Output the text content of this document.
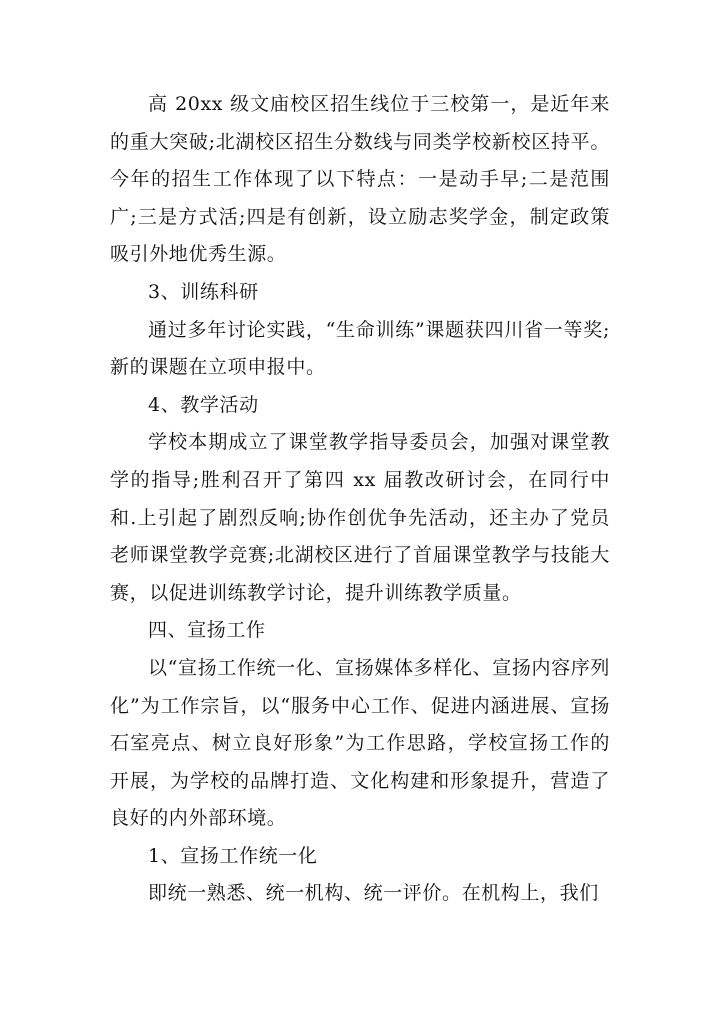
高 20xx 级文庙校区招生线位于三校第一，是近年来的重大突破;北湖校区招生分数线与同类学校新校区持平。今年的招生工作体现了以下特点：一是动手早;二是范围广;三是方式活;四是有创新，设立励志奖学金，制定政策吸引外地优秀生源。

3、训练科研

通过多年讨论实践，“生命训练”课题获四川省一等奖;新的课题在立项申报中。

4、教学活动

学校本期成立了课堂教学指导委员会，加强对课堂教学的指导;胜利召开了第四 xx 届教改研讨会，在同行中和.上引起了剧烈反响;协作创优争先活动，还主办了党员老师课堂教学竞赛;北湖校区进行了首届课堂教学与技能大赛，以促进训练教学讨论，提升训练教学质量。

四、宣扬工作

以“宣扬工作统一化、宣扬媒体多样化、宣扬内容序列化”为工作宗旨，以“服务中心工作、促进内涵进展、宣扬石室亮点、树立良好形象”为工作思路，学校宣扬工作的开展，为学校的品牌打造、文化构建和形象提升，营造了良好的内外部环境。

1、宣扬工作统一化

即统一熟悉、统一机构、统一评价。在机构上，我们
